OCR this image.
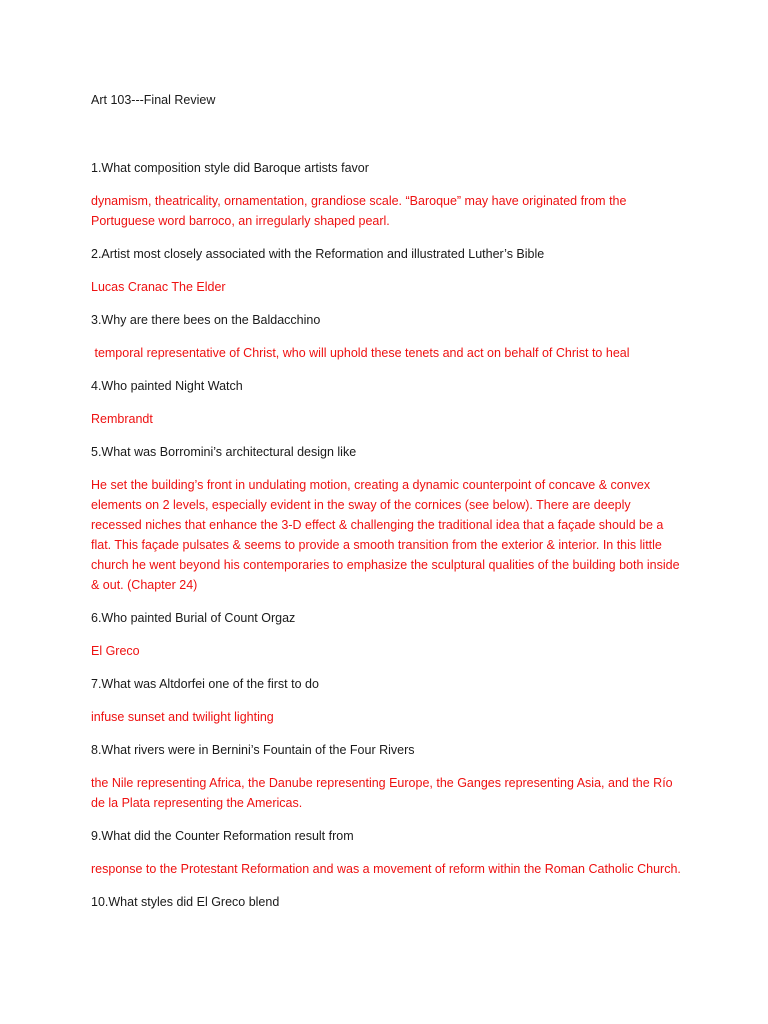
Art 103---Final Review

1.What composition style did Baroque artists favor

dynamism, theatricality, ornamentation, grandiose scale. “Baroque” may have originated from the Portuguese word barroco, an irregularly shaped pearl.

2.Artist most closely associated with the Reformation and illustrated Luther’s Bible

Lucas Cranac The Elder

3.Why are there bees on the Baldacchino

temporal representative of Christ, who will uphold these tenets and act on behalf of Christ to heal

4.Who painted Night Watch

Rembrandt

5.What was Borromini’s architectural design like

He set the building’s front in undulating motion, creating a dynamic counterpoint of concave & convex elements on 2 levels, especially evident in the sway of the cornices (see below). There are deeply recessed niches that enhance the 3-D effect & challenging the traditional idea that a façade should be a flat. This façade pulsates & seems to provide a smooth transition from the exterior & interior. In this little church he went beyond his contemporaries to emphasize the sculptural qualities of the building both inside & out. (Chapter 24)

6.Who painted Burial of Count Orgaz

El Greco

7.What was Altdorfei one of the first to do

infuse sunset and twilight lighting

8.What rivers were in Bernini’s Fountain of the Four Rivers

the Nile representing Africa, the Danube representing Europe, the Ganges representing Asia, and the Río de la Plata representing the Americas.

9.What did the Counter Reformation result from

response to the Protestant Reformation and was a movement of reform within the Roman Catholic Church.

10.What styles did El Greco blend
